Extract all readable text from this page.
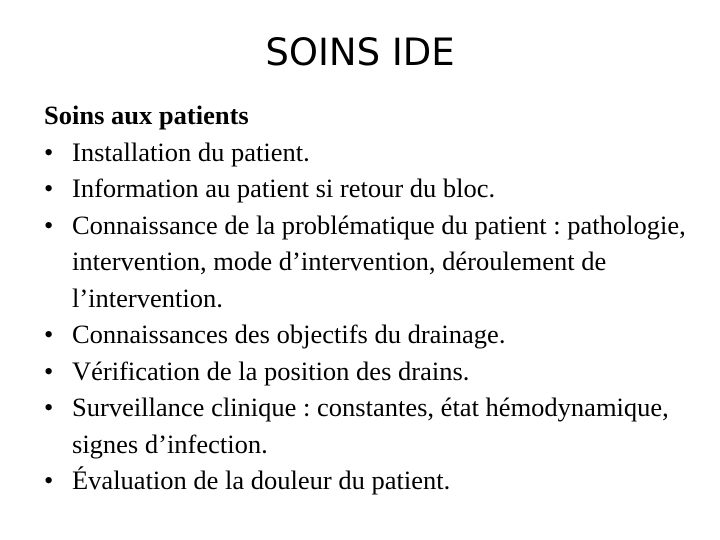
SOINS IDE

Soins aux patients

• Installation du patient.
• Information au patient si retour du bloc.
• Connaissance de la problématique du patient : pathologie, intervention, mode d’intervention, déroulement de l’intervention.
• Connaissances des objectifs du drainage.
• Vérification de la position des drains.
• Surveillance clinique : constantes, état hémodynamique, signes d’infection.
• Évaluation de la douleur du patient.
